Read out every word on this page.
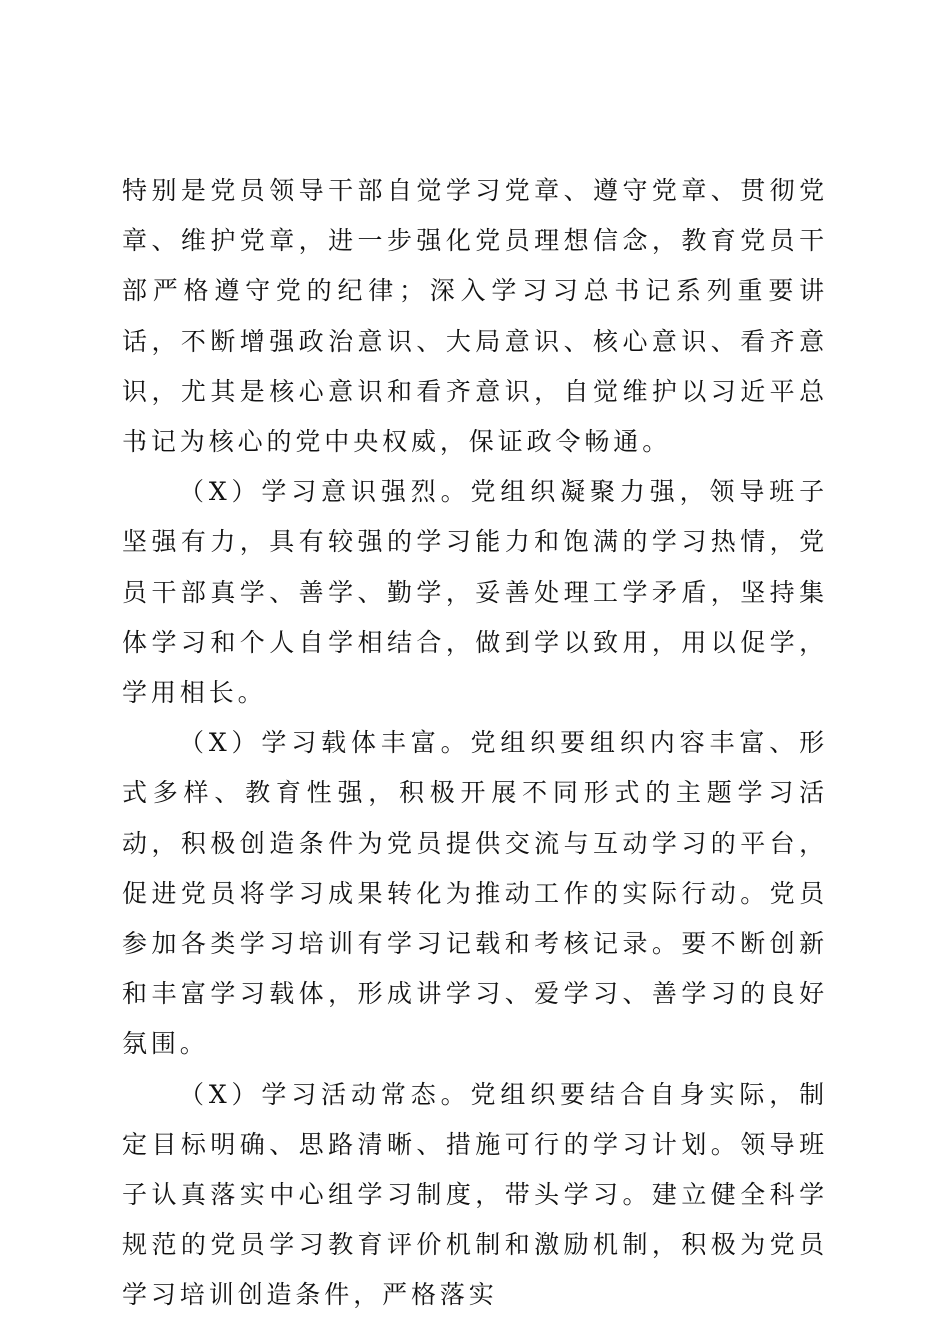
特别是党员领导干部自觉学习党章、遵守党章、贯彻党章、维护党章，进一步强化党员理想信念，教育党员干部严格遵守党的纪律；深入学习习总书记系列重要讲话，不断增强政治意识、大局意识、核心意识、看齐意识，尤其是核心意识和看齐意识，自觉维护以习近平总书记为核心的党中央权威，保证政令畅通。

（X）学习意识强烈。党组织凝聚力强，领导班子坚强有力，具有较强的学习能力和饱满的学习热情，党员干部真学、善学、勤学，妥善处理工学矛盾，坚持集体学习和个人自学相结合，做到学以致用，用以促学，学用相长。

（X）学习载体丰富。党组织要组织内容丰富、形式多样、教育性强，积极开展不同形式的主题学习活动，积极创造条件为党员提供交流与互动学习的平台，促进党员将学习成果转化为推动工作的实际行动。党员参加各类学习培训有学习记载和考核记录。要不断创新和丰富学习载体，形成讲学习、爱学习、善学习的良好氛围。

（X）学习活动常态。党组织要结合自身实际，制定目标明确、思路清晰、措施可行的学习计划。领导班子认真落实中心组学习制度，带头学习。建立健全科学规范的党员学习教育评价机制和激励机制，积极为党员学习培训创造条件，严格落实
